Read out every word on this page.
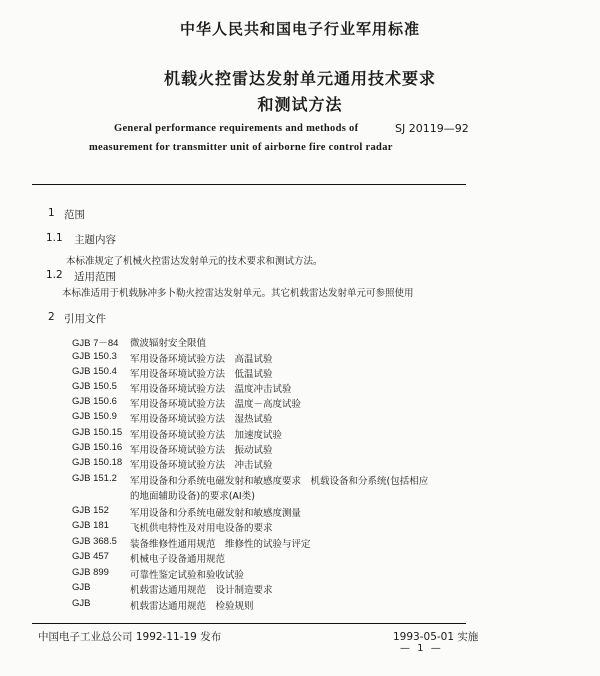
中华人民共和国电子行业军用标准
机载火控雷达发射单元通用技术要求
和测试方法
SJ 20119—92
General performance requirements and methods of
measurement for transmitter unit of airborne fire control radar
1 范围
1.1 主题内容
本标准规定了机械火控雷达发射单元的技术要求和测试方法。
1.2 适用范围
本标准适用于机载脉冲多卜勒火控雷达发射单元。其它机载雷达发射单元可参照使用
2 引用文件
GJB 7－84 微波辐射安全限值
GJB 150.3 军用设备环境试验方法　高温试验
GJB 150.4 军用设备环境试验方法　低温试验
GJB 150.5 军用设备环境试验方法　温度冲击试验
GJB 150.6 军用设备环境试验方法　温度－高度试验
GJB 150.9 军用设备环境试验方法　湿热试验
GJB 150.15 军用设备环境试验方法　加速度试验
GJB 150.16 军用设备环境试验方法　振动试验
GJB 150.18 军用设备环境试验方法　冲击试验
GJB 151.2 军用设备和分系统电磁发射和敏感度要求　机载设备和分系统(包括相应
的地面辅助设备)的要求(AI类)
GJB 152 军用设备和分系统电磁发射和敏感度测量
GJB 181 飞机供电特性及对用电设备的要求
GJB 368.5 装备维修性通用规范　维修性的试验与评定
GJB 457 机械电子设备通用规范
GJB 899 可靠性鉴定试验和验收试验
GJB	机载雷达通用规范　设计制造要求
GJB	机载雷达通用规范　检验规则
中国电子工业总公司 1992-11-19 发布	1993-05-01 实施
— 1 —
